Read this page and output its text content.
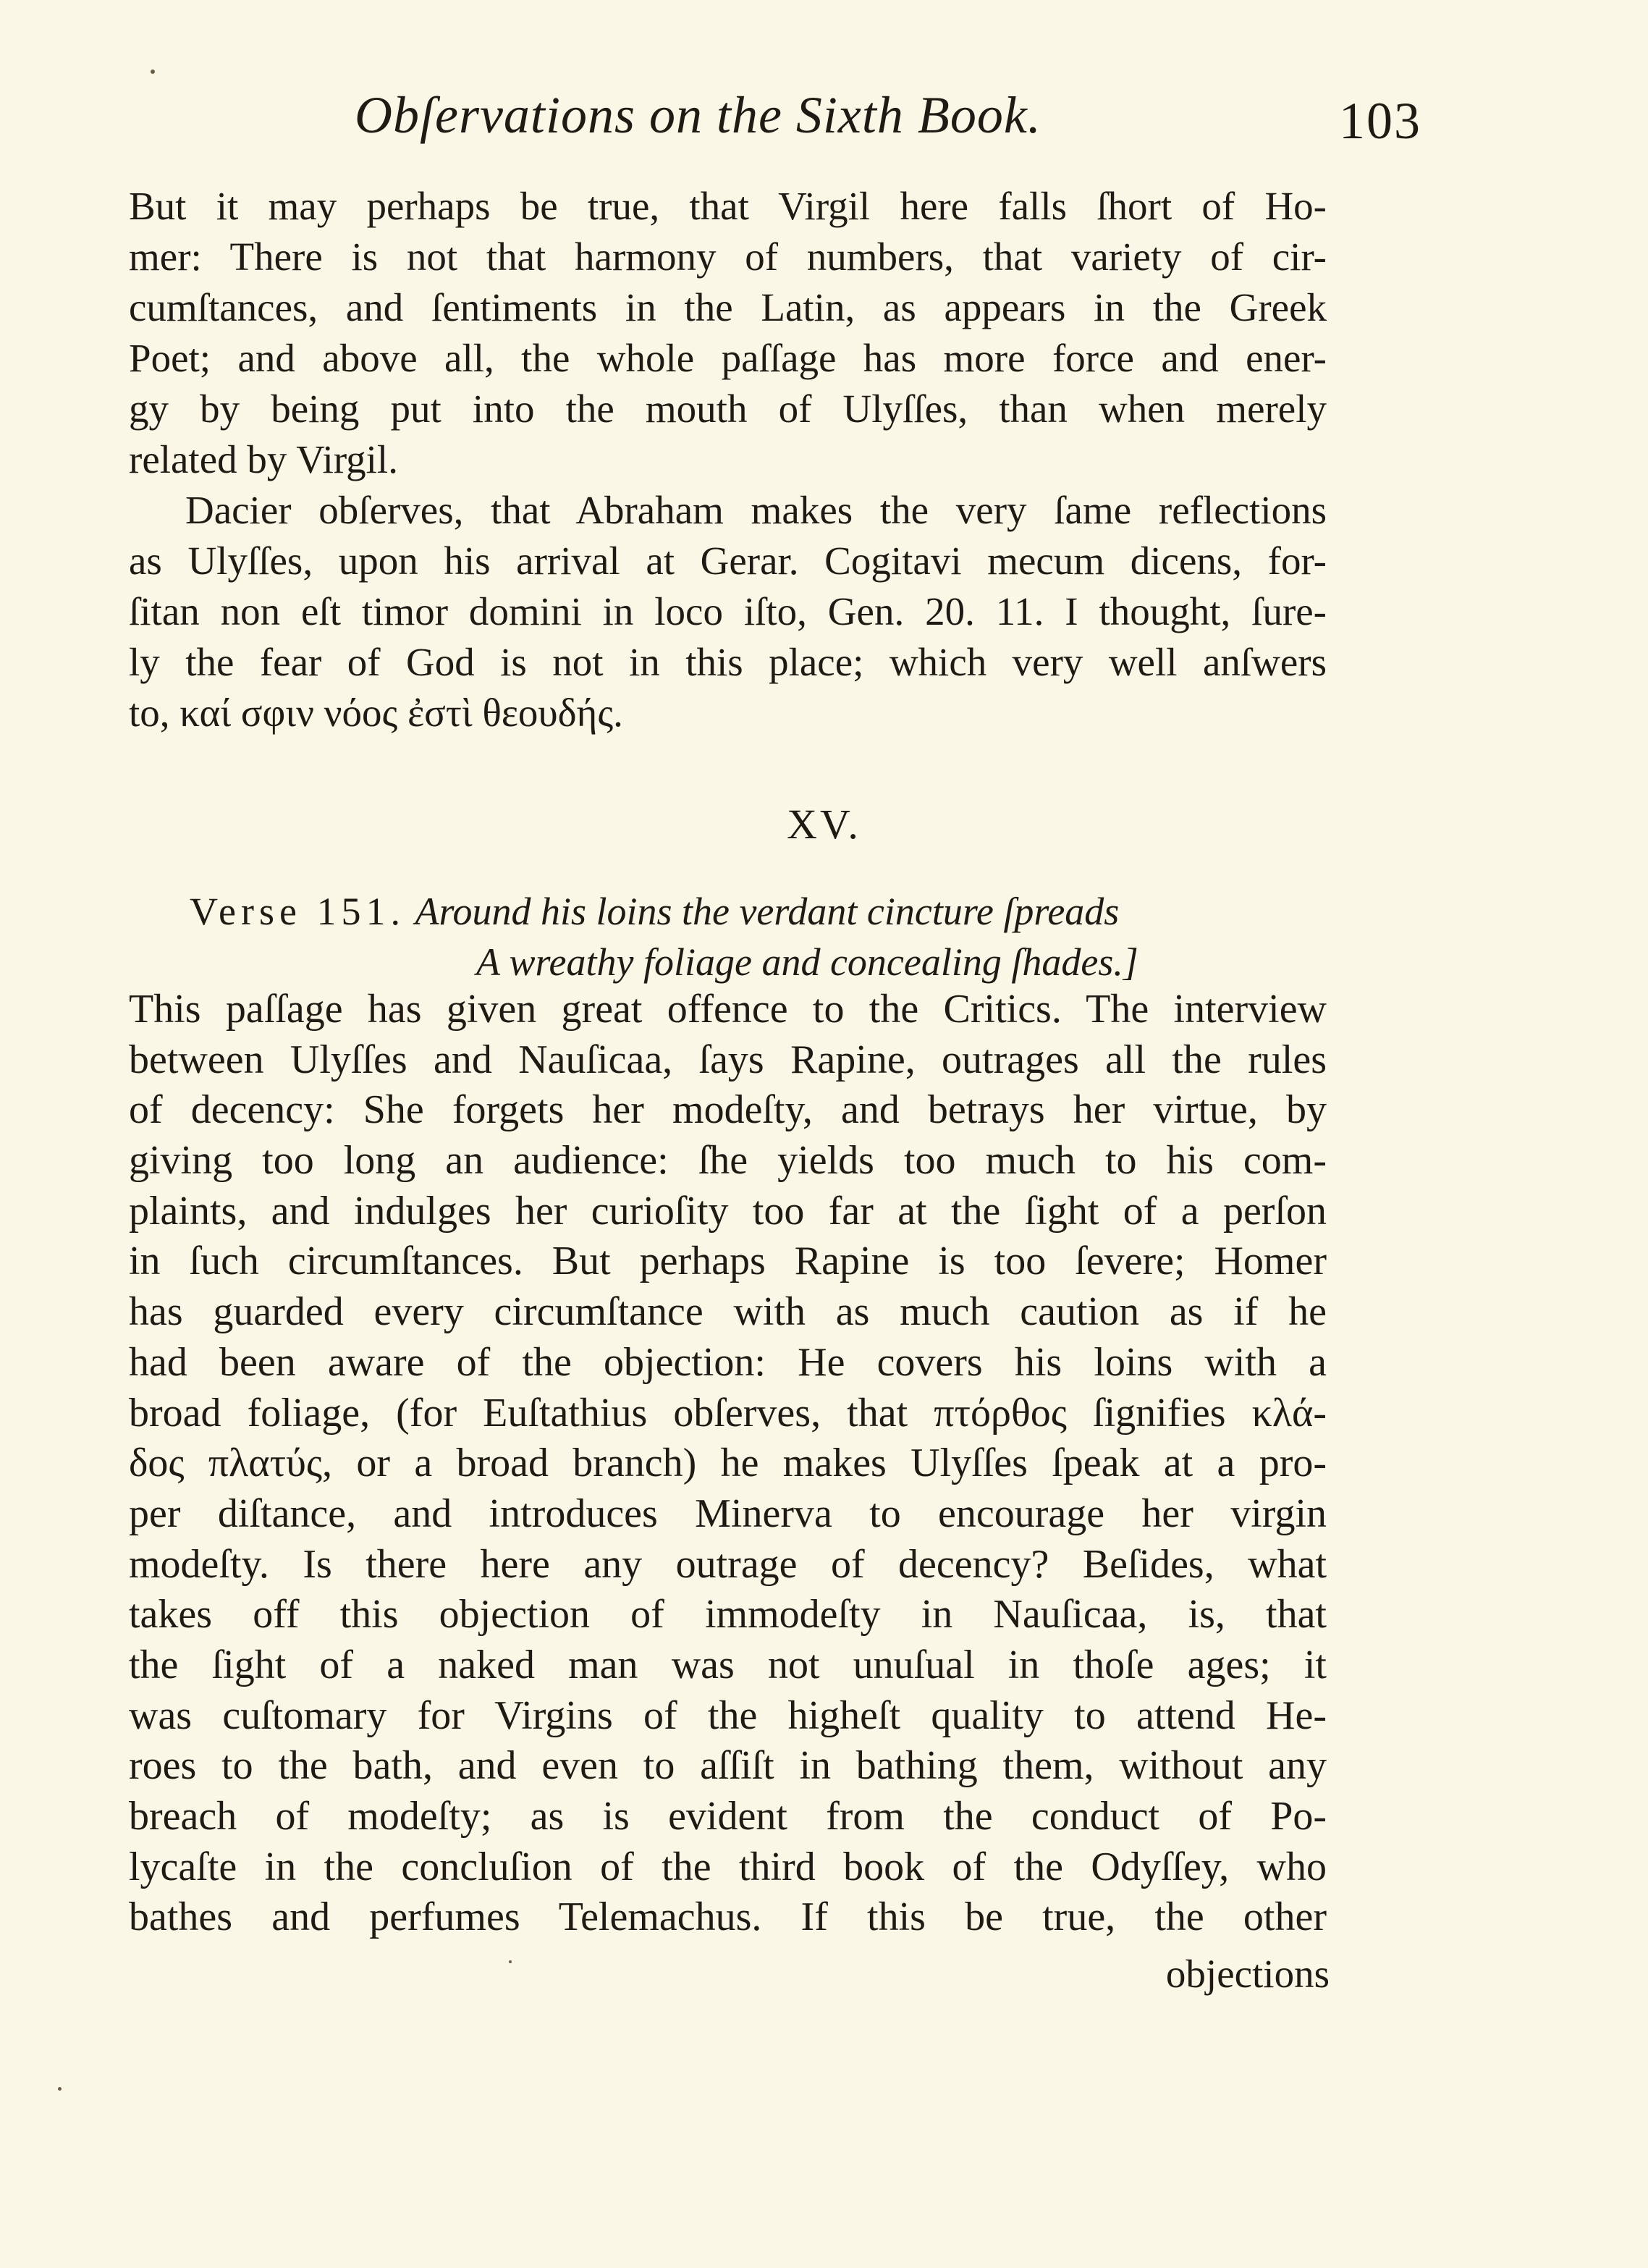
Obſervations on the Sixth Book.	103
But it may perhaps be true, that Virgil here falls ſhort of Ho-
mer: There is not that harmony of numbers, that variety of cir-
cumſtances, and ſentiments in the Latin, as appears in the Greek
Poet; and above all, the whole paſſage has more force and ener-
gy by being put into the mouth of Ulyſſes, than when merely
related by Virgil.
Dacier obſerves, that Abraham makes the very ſame reflections
as Ulyſſes, upon his arrival at Gerar. Cogitavi mecum dicens, for-
ſitan non eſt timor domini in loco iſto, Gen. 20. 11. I thought, ſure-
ly the fear of God is not in this place; which very well anſwers
to, καί σφιν νόος ἐστὶ θεουδής.
XV.
Verse 151. Around his loins the verdant cincture ſpreads
A wreathy foliage and concealing ſhades.]
This paſſage has given great offence to the Critics. The interview
between Ulyſſes and Nauſicaa, ſays Rapine, outrages all the rules
of decency: She forgets her modeſty, and betrays her virtue, by
giving too long an audience: ſhe yields too much to his com-
plaints, and indulges her curioſity too far at the ſight of a perſon
in ſuch circumſtances. But perhaps Rapine is too ſevere; Homer
has guarded every circumſtance with as much caution as if he
had been aware of the objection: He covers his loins with a
broad foliage, (for Euſtathius obſerves, that πτόρθος ſignifies κλά-
δος πλατύς, or a broad branch) he makes Ulyſſes ſpeak at a pro-
per diſtance, and introduces Minerva to encourage her virgin
modeſty. Is there here any outrage of decency? Beſides, what
takes off this objection of immodeſty in Nauſicaa, is, that
the ſight of a naked man was not unuſual in thoſe ages; it
was cuſtomary for Virgins of the higheſt quality to attend He-
roes to the bath, and even to aſſiſt in bathing them, without any
breach of modeſty; as is evident from the conduct of Po-
lycaſte in the concluſion of the third book of the Odyſſey, who
bathes and perfumes Telemachus. If this be true, the other
objections
